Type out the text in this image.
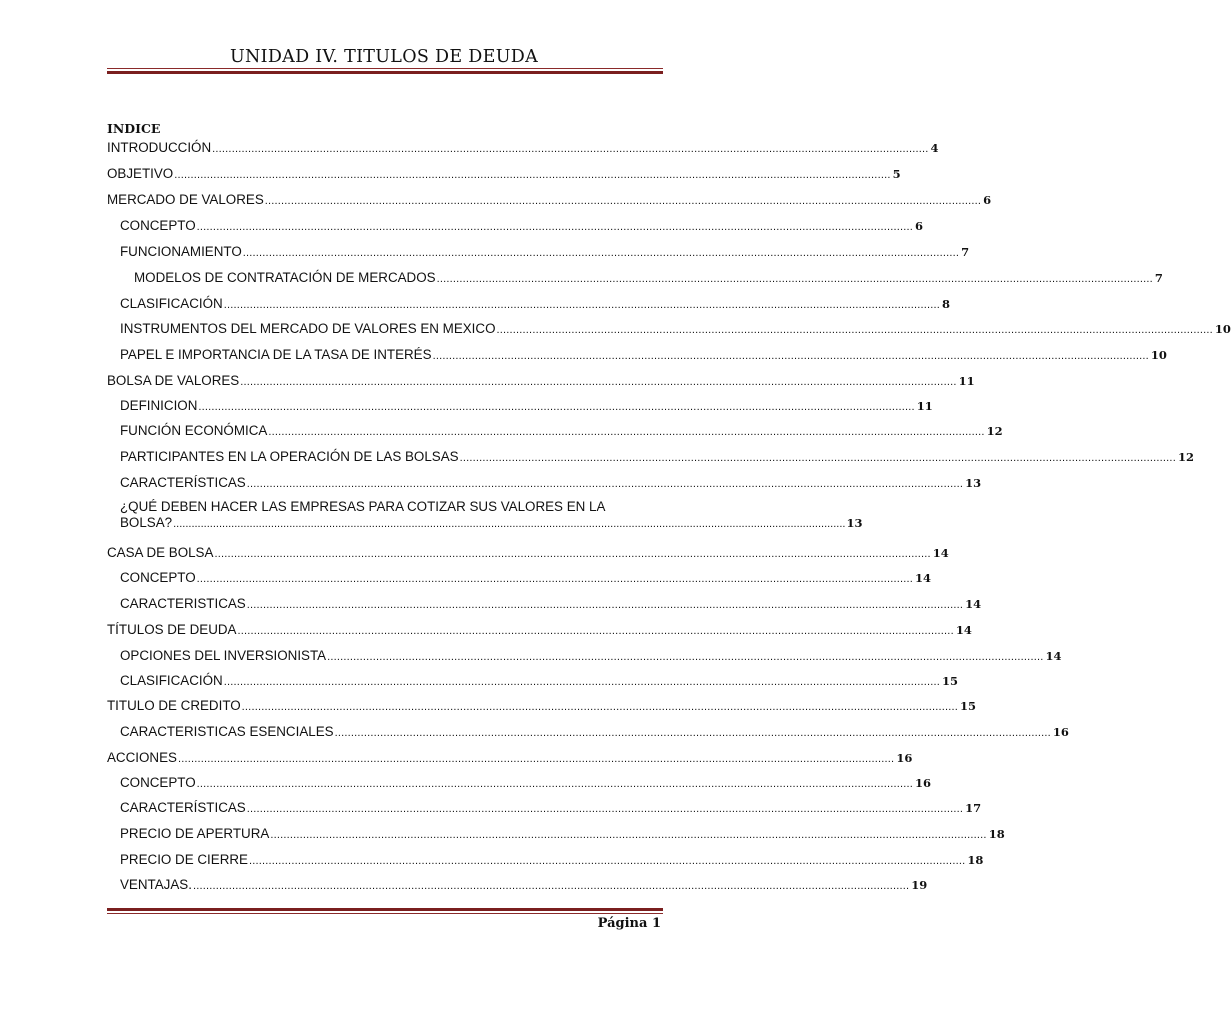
UNIDAD IV. TITULOS DE DEUDA
INDICE
INTRODUCCIÓN ............................................................................................................................................................................................................................ 4
OBJETIVO ............................................................................................................................................................................................................................ 5
MERCADO DE VALORES ............................................................................................................................................................................................................................ 6
CONCEPTO ............................................................................................................................................................................................................................ 6
FUNCIONAMIENTO ............................................................................................................................................................................................................................ 7
MODELOS DE CONTRATACIÓN DE MERCADOS ............................................................................................................................................................................................................................ 7
CLASIFICACIÓN ............................................................................................................................................................................................................................ 8
INSTRUMENTOS DEL MERCADO DE VALORES EN MEXICO ............................................................................................................................................................................................................................ 10
PAPEL E IMPORTANCIA DE LA TASA DE INTERÉS ............................................................................................................................................................................................................................ 10
BOLSA DE VALORES ............................................................................................................................................................................................................................ 11
DEFINICION ............................................................................................................................................................................................................................ 11
FUNCIÓN ECONÓMICA ............................................................................................................................................................................................................................ 12
PARTICIPANTES EN LA OPERACIÓN DE LAS BOLSAS ............................................................................................................................................................................................................................ 12
CARACTERÍSTICAS ............................................................................................................................................................................................................................ 13
¿QUÉ DEBEN HACER LAS EMPRESAS PARA COTIZAR SUS VALORES EN LA
BOLSA? ............................................................................................................................................................................................................................ 13
CASA DE BOLSA ............................................................................................................................................................................................................................ 14
CONCEPTO ............................................................................................................................................................................................................................ 14
CARACTERISTICAS ............................................................................................................................................................................................................................ 14
TÍTULOS DE DEUDA ............................................................................................................................................................................................................................ 14
OPCIONES DEL INVERSIONISTA ............................................................................................................................................................................................................................ 14
CLASIFICACIÓN ............................................................................................................................................................................................................................ 15
TITULO DE CREDITO ............................................................................................................................................................................................................................ 15
CARACTERISTICAS ESENCIALES ............................................................................................................................................................................................................................ 16
ACCIONES ............................................................................................................................................................................................................................ 16
CONCEPTO ............................................................................................................................................................................................................................ 16
CARACTERÍSTICAS ............................................................................................................................................................................................................................ 17
PRECIO DE APERTURA ............................................................................................................................................................................................................................ 18
PRECIO DE CIERRE ............................................................................................................................................................................................................................ 18
VENTAJAS. ............................................................................................................................................................................................................................ 19
Página 1
